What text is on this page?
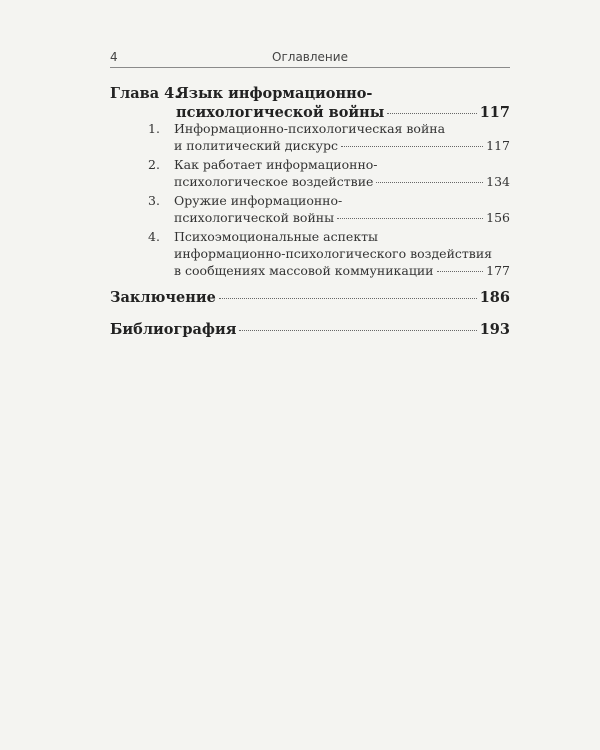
4	Оглавление
Глава 4.
Язык информационно-
психологической войны	117
1. Информационно-психологическая война
и политический дискурс	117
2. Как работает информационно-
психологическое воздействие	134
3. Оружие информационно-
психологической войны	156
4. Психоэмоциональные аспекты
информационно-психологического воздействия
в сообщениях массовой коммуникации	177
Заключение	186
Библиография	193
